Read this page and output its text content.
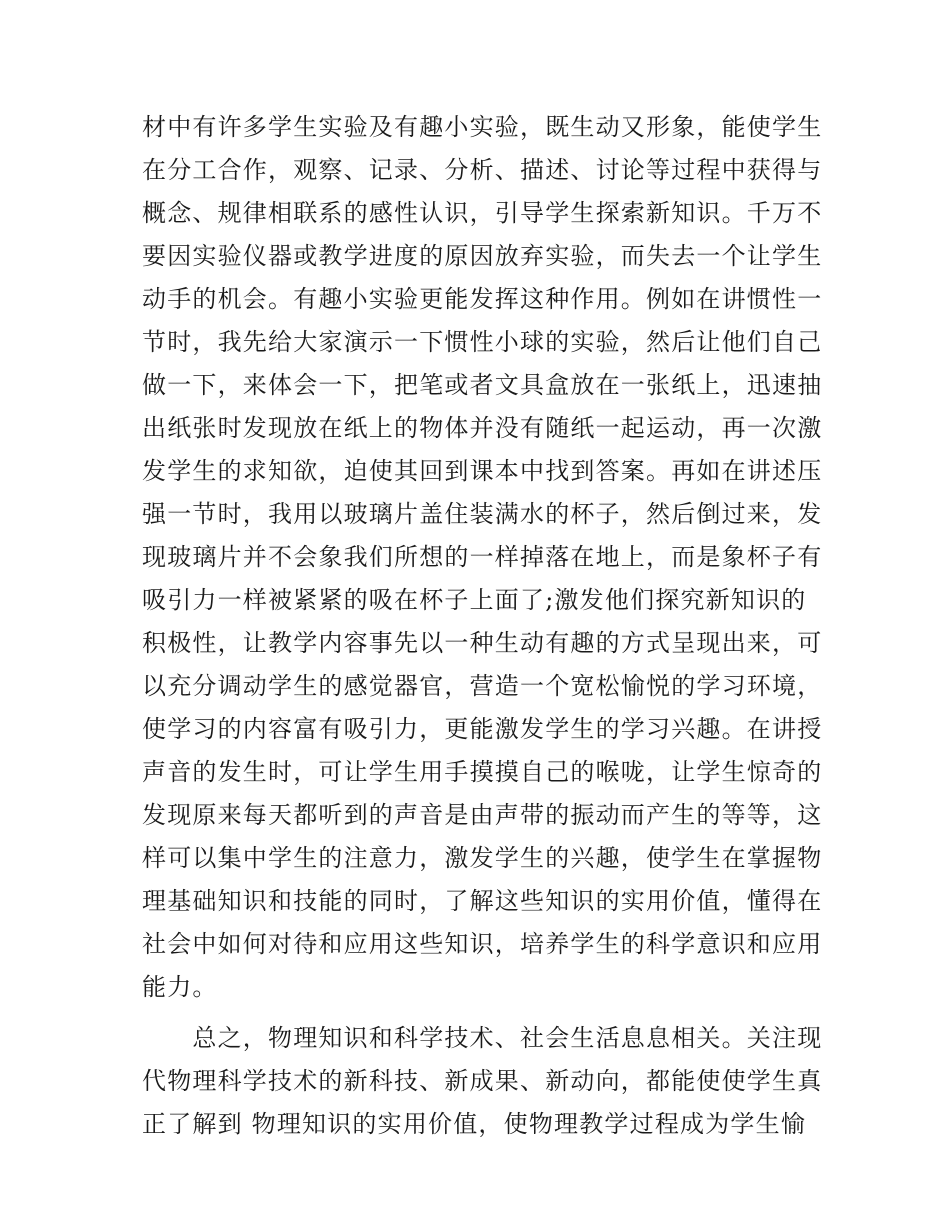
材中有许多学生实验及有趣小实验，既生动又形象，能使学生
在分工合作，观察、记录、分析、描述、讨论等过程中获得与
概念、规律相联系的感性认识，引导学生探索新知识。千万不
要因实验仪器或教学进度的原因放弃实验，而失去一个让学生
动手的机会。有趣小实验更能发挥这种作用。例如在讲惯性一
节时，我先给大家演示一下惯性小球的实验，然后让他们自己
做一下，来体会一下，把笔或者文具盒放在一张纸上，迅速抽
出纸张时发现放在纸上的物体并没有随纸一起运动，再一次激
发学生的求知欲，迫使其回到课本中找到答案。再如在讲述压
强一节时，我用以玻璃片盖住装满水的杯子，然后倒过来，发
现玻璃片并不会象我们所想的一样掉落在地上，而是象杯子有
吸引力一样被紧紧的吸在杯子上面了;激发他们探究新知识的
积极性，让教学内容事先以一种生动有趣的方式呈现出来，可
以充分调动学生的感觉器官，营造一个宽松愉悦的学习环境，
使学习的内容富有吸引力，更能激发学生的学习兴趣。在讲授
声音的发生时，可让学生用手摸摸自己的喉咙，让学生惊奇的
发现原来每天都听到的声音是由声带的振动而产生的等等，这
样可以集中学生的注意力，激发学生的兴趣，使学生在掌握物
理基础知识和技能的同时，了解这些知识的实用价值，懂得在
社会中如何对待和应用这些知识，培养学生的科学意识和应用
能力。
　　总之，物理知识和科学技术、社会生活息息相关。关注现
代物理科学技术的新科技、新成果、新动向，都能使使学生真
正了解到 物理知识的实用价值，使物理教学过程成为学生愉
